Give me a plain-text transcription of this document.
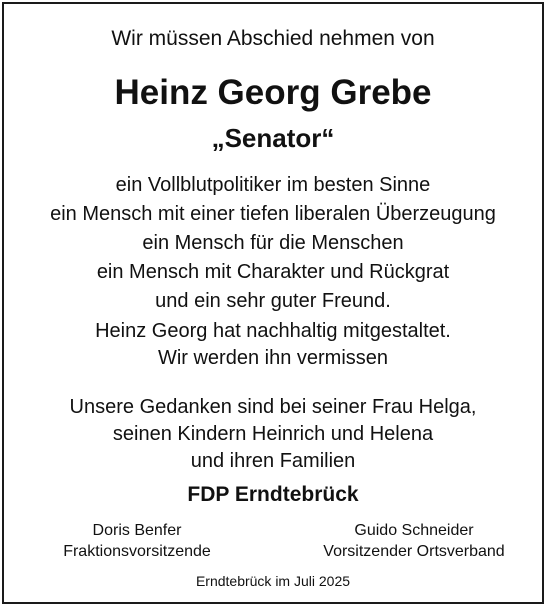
Wir müssen Abschied nehmen von
Heinz Georg Grebe
„Senator“
ein Vollblutpolitiker im besten Sinne
ein Mensch mit einer tiefen liberalen Überzeugung
ein Mensch für die Menschen
ein Mensch mit Charakter und Rückgrat
und ein sehr guter Freund.
Heinz Georg hat nachhaltig mitgestaltet.
Wir werden ihn vermissen
Unsere Gedanken sind bei seiner Frau Helga,
seinen Kindern Heinrich und Helena
und ihren Familien
FDP Erndtebrück
Doris Benfer
Fraktionsvorsitzende
Guido Schneider
Vorsitzender Ortsverband
Erndtebrück im Juli 2025
